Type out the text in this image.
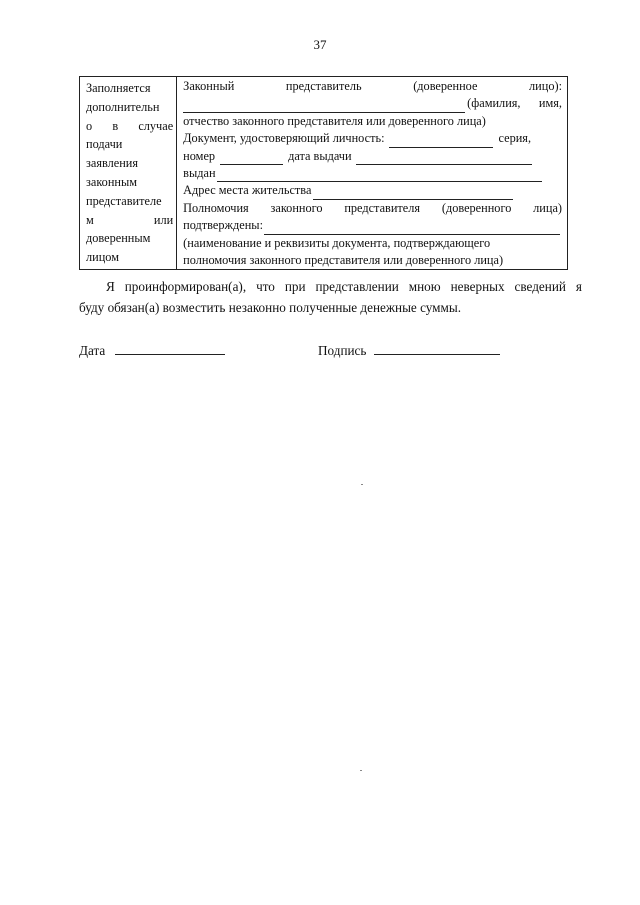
37
Заполняется
дополнительн
о в случае
подачи
заявления
законным
представителе
м	или
доверенным
лицом

Законный	представитель	(доверенное	лицо):
(фамилия, имя,
отчество законного представителя или доверенного лица)
Документ, удостоверяющий личность:	серия,
номер	дата выдачи
выдан
Адрес места жительства
Полномочия законного представителя (доверенного лица)
подтверждены:
(наименование и реквизиты документа, подтверждающего
полномочия законного представителя или доверенного лица)
Я проинформирован(а), что при представлении мною неверных сведений я
буду обязан(а) возместить незаконно полученные денежные суммы.
Дата	Подпись
